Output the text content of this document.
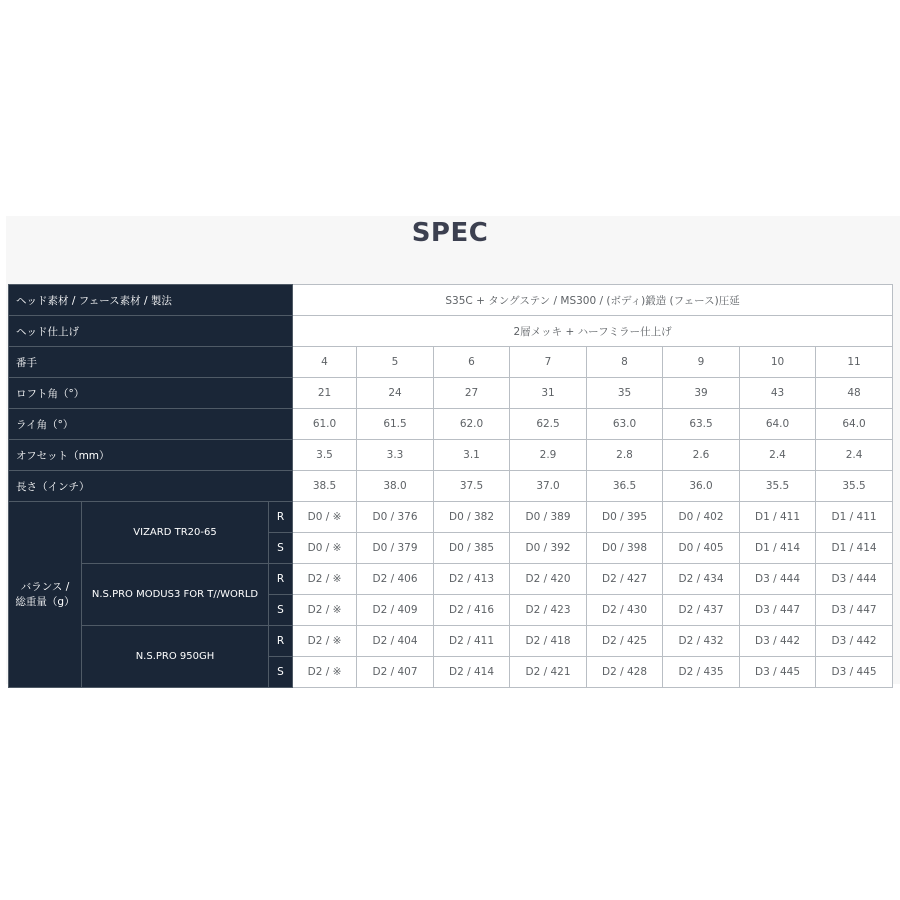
SPEC
ヘッド素材 / フェース素材 / 製法			S35C + タングステン / MS300 / (ボディ)鍛造 (フェース)圧延							
ヘッド仕上げ			2層メッキ + ハーフミラー仕上げ							
番手			4	5	6	7	8	9	10	11
ロフト角（°）			21	24	27	31	35	39	43	48
ライ角（°）			61.0	61.5	62.0	62.5	63.0	63.5	64.0	64.0
オフセット（mm）			3.5	3.3	3.1	2.9	2.8	2.6	2.4	2.4
長さ（インチ）			38.5	38.0	37.5	37.0	36.5	36.0	35.5	35.5

バランス /
総重量（g）	VIZARD TR20-65	R	D0 / ※	D0 / 376	D0 / 382	D0 / 389	D0 / 395	D0 / 402	D1 / 411	D1 / 411
		S	D0 / ※	D0 / 379	D0 / 385	D0 / 392	D0 / 398	D0 / 405	D1 / 414	D1 / 414
	N.S.PRO MODUS3 FOR T//WORLD	R	D2 / ※	D2 / 406	D2 / 413	D2 / 420	D2 / 427	D2 / 434	D3 / 444	D3 / 444
		S	D2 / ※	D2 / 409	D2 / 416	D2 / 423	D2 / 430	D2 / 437	D3 / 447	D3 / 447
	N.S.PRO 950GH	R	D2 / ※	D2 / 404	D2 / 411	D2 / 418	D2 / 425	D2 / 432	D3 / 442	D3 / 442
		S	D2 / ※	D2 / 407	D2 / 414	D2 / 421	D2 / 428	D2 / 435	D3 / 445	D3 / 445
